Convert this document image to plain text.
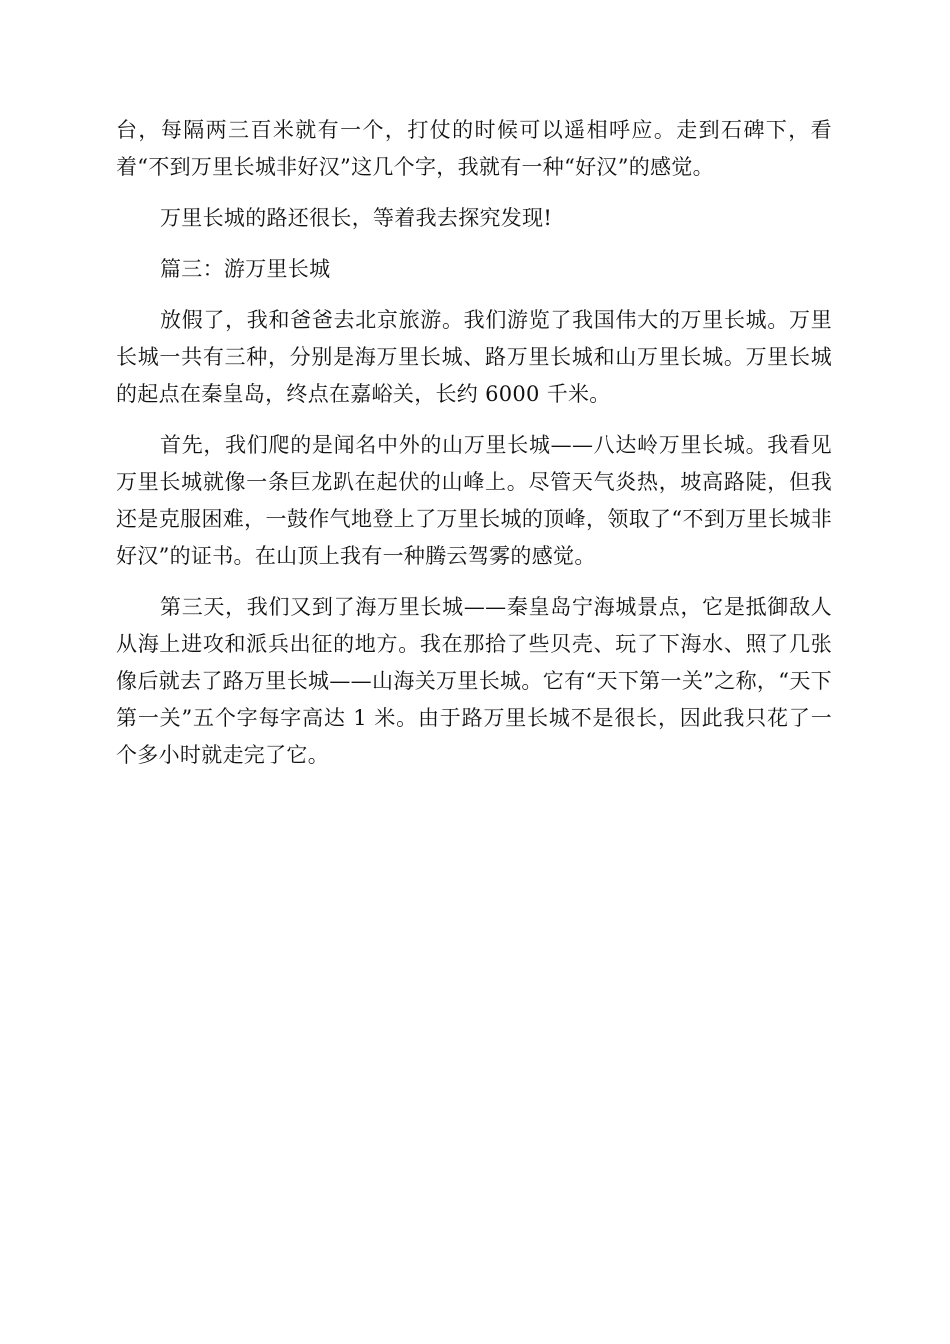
台，每隔两三百米就有一个，打仗的时候可以遥相呼应。走到石碑下，看着“不到万里长城非好汉”这几个字，我就有一种“好汉”的感觉。

万里长城的路还很长，等着我去探究发现!

篇三：游万里长城

放假了，我和爸爸去北京旅游。我们游览了我国伟大的万里长城。万里长城一共有三种，分别是海万里长城、路万里长城和山万里长城。万里长城的起点在秦皇岛，终点在嘉峪关，长约 6000 千米。

首先，我们爬的是闻名中外的山万里长城——八达岭万里长城。我看见万里长城就像一条巨龙趴在起伏的山峰上。尽管天气炎热，坡高路陡，但我还是克服困难，一鼓作气地登上了万里长城的顶峰，领取了“不到万里长城非好汉”的证书。在山顶上我有一种腾云驾雾的感觉。

第三天，我们又到了海万里长城——秦皇岛宁海城景点，它是抵御敌人从海上进攻和派兵出征的地方。我在那拾了些贝壳、玩了下海水、照了几张像后就去了路万里长城——山海关万里长城。它有“天下第一关”之称，“天下第一关”五个字每字高达 1 米。由于路万里长城不是很长，因此我只花了一个多小时就走完了它。
